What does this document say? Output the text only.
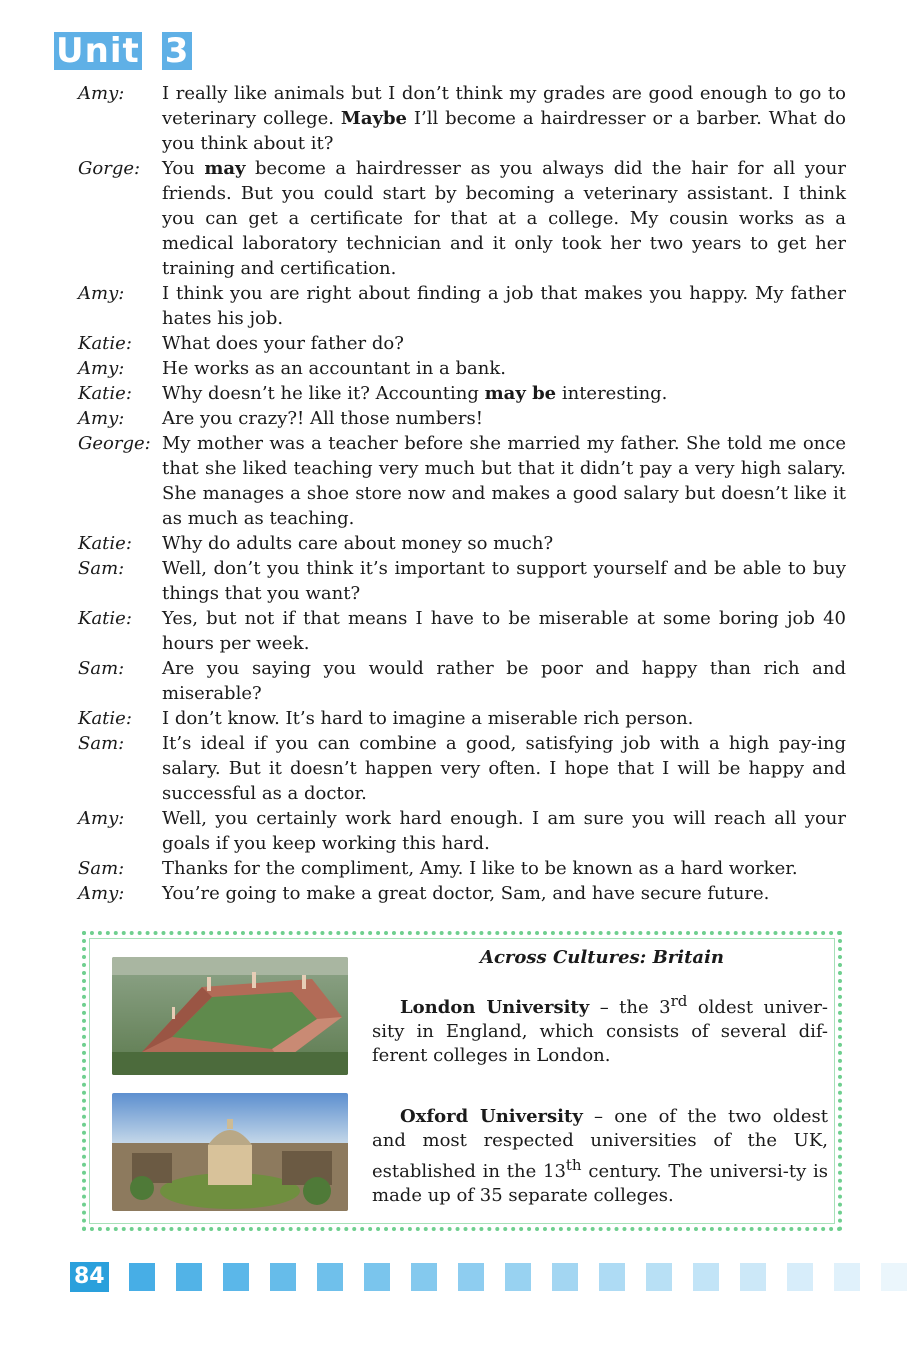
Unit 3
Amy:	I really like animals but I don’t think my grades are good enough to go to veterinary college. Maybe I’ll become a hairdresser or a barber. What do you think about it?
Gorge:	You may become a hairdresser as you always did the hair for all your friends. But you could start by becoming a veterinary assistant. I think you can get a certificate for that at a college. My cousin works as a medical laboratory technician and it only took her two years to get her training and certification.
Amy:	I think you are right about finding a job that makes you happy. My father hates his job.
Katie:	What does your father do?
Amy:	He works as an accountant in a bank.
Katie:	Why doesn’t he like it? Accounting may be interesting.
Amy:	Are you crazy?! All those numbers!
George: My mother was a teacher before she married my father. She told me once that she liked teaching very much but that it didn’t pay a very high salary. She manages a shoe store now and makes a good salary but doesn’t like it as much as teaching.
Katie:	Why do adults care about money so much?
Sam:	Well, don’t you think it’s important to support yourself and be able to buy things that you want?
Katie:	Yes, but not if that means I have to be miserable at some boring job 40 hours per week.
Sam:	Are you saying you would rather be poor and happy than rich and miserable?
Katie:	I don’t know. It’s hard to imagine a miserable rich person.
Sam:	It’s ideal if you can combine a good, satisfying job with a high pay-ing salary. But it doesn’t happen very often. I hope that I will be happy and successful as a doctor.
Amy:	Well, you certainly work hard enough. I am sure you will reach all your goals if you keep working this hard.
Sam:	Thanks for the compliment, Amy. I like to be known as a hard worker.
Amy:	You’re going to make a great doctor, Sam, and have secure future.
Across Cultures: Britain
London University – the 3rd oldest univer-sity in England, which consists of several dif-ferent colleges in London.
Oxford University – one of the two oldest and most respected universities of the UK, established in the 13th century. The universi-ty is made up of 35 separate colleges.
84
